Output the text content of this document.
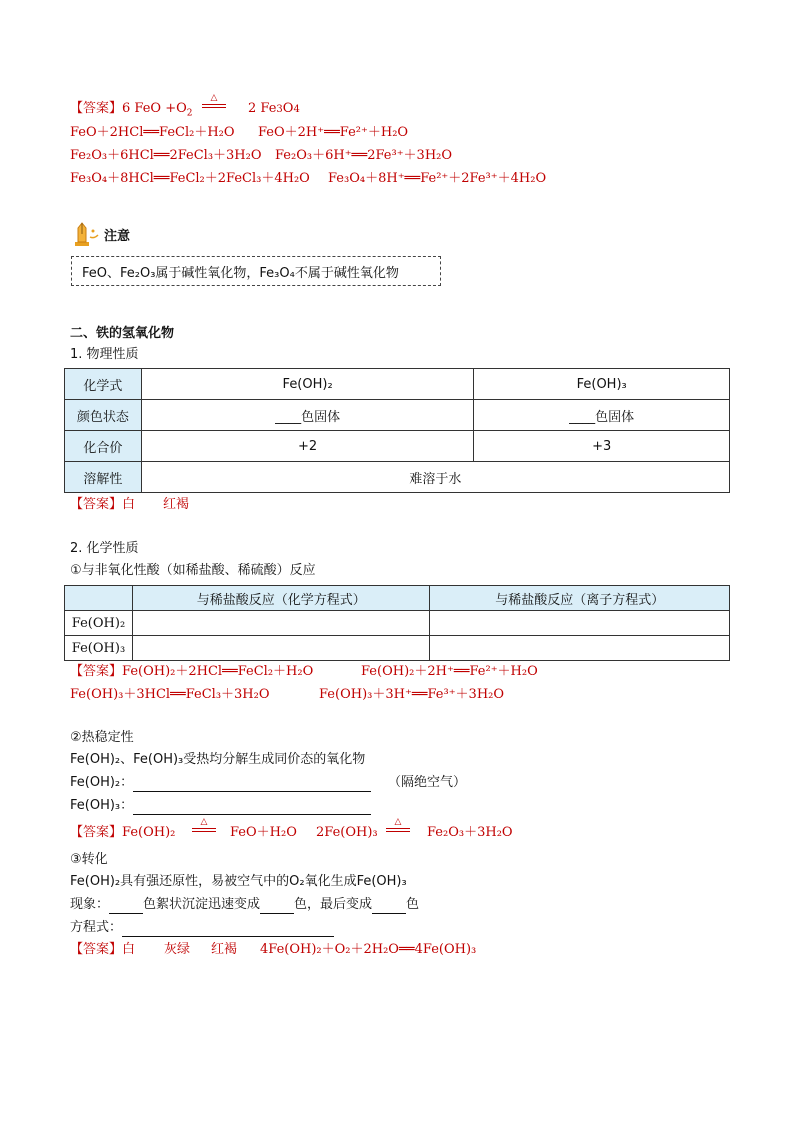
【答案】6 FeO $+O_2$
△
2 Fe3O4
FeO＋2HCl══FeCl₂＋H₂O FeO＋2H⁺══Fe²⁺＋H₂O
Fe₂O₃＋6HCl══2FeCl₃＋3H₂O Fe₂O₃＋6H⁺══2Fe³⁺＋3H₂O
Fe₃O₄＋8HCl══FeCl₂＋2FeCl₃＋4H₂O Fe₃O₄＋8H⁺══Fe²⁺＋2Fe³⁺＋4H₂O
注意
FeO、Fe₂O₃属于碱性氧化物，Fe₃O₄不属于碱性氧化物
二、铁的氢氧化物
1. 物理性质
化学式	Fe(OH)₂	Fe(OH)₃
颜色状态	____色固体	____色固体
化合价	+2	+3
溶解性	难溶于水	
【答案】白 红褐
2. 化学性质
①与非氧化性酸（如稀盐酸、稀硫酸）反应
	与稀盐酸反应（化学方程式）	与稀盐酸反应（离子方程式）
Fe(OH)₂		
Fe(OH)₃		
【答案】Fe(OH)₂＋2HCl══FeCl₂＋H₂O	Fe(OH)₂＋2H⁺══Fe²⁺＋H₂O
Fe(OH)₃＋3HCl══FeCl₃＋3H₂O	Fe(OH)₃＋3H⁺══Fe³⁺＋3H₂O
②热稳定性
Fe(OH)₂、Fe(OH)₃受热均分解生成同价态的氧化物
Fe(OH)₂：	（隔绝空气）
Fe(OH)₃：
【答案】Fe(OH)₂
△
FeO＋H₂O 2Fe(OH)₃
△
Fe₂O₃＋3H₂O
③转化
Fe(OH)₂具有强还原性，易被空气中的O₂氧化生成Fe(OH)₃
现象：	色絮状沉淀迅速变成	色，最后变成	色
方程式：
【答案】白 灰绿 红褐 4Fe(OH)₂＋O₂＋2H₂O══4Fe(OH)₃
